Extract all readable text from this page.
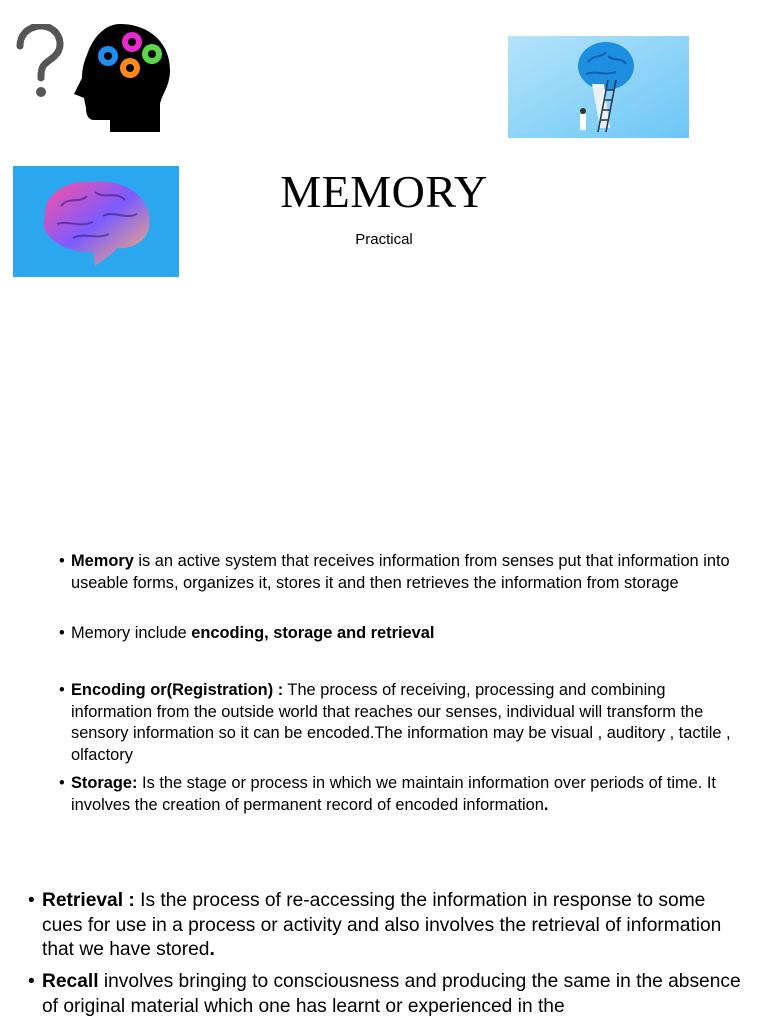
MEMORY
Practical
• Memory is an active system that receives information from senses put that information into useable forms, organizes it, stores it and then retrieves the information from storage
• Memory include encoding, storage and retrieval
• Encoding or(Registration) : The process of receiving, processing and combining information from the outside world that reaches our senses, individual will transform the sensory information so it can be encoded.The information may be visual , auditory , tactile , olfactory
• Storage: Is the stage or process in which we maintain information over periods of time. It involves the creation of permanent record of encoded information.
• Retrieval : Is the process of re-accessing the information in response to some cues for use in a process or activity and also involves the retrieval of information that we have stored.
• Recall involves bringing to consciousness and producing the same in the absence of original material which one has learnt or experienced in the
